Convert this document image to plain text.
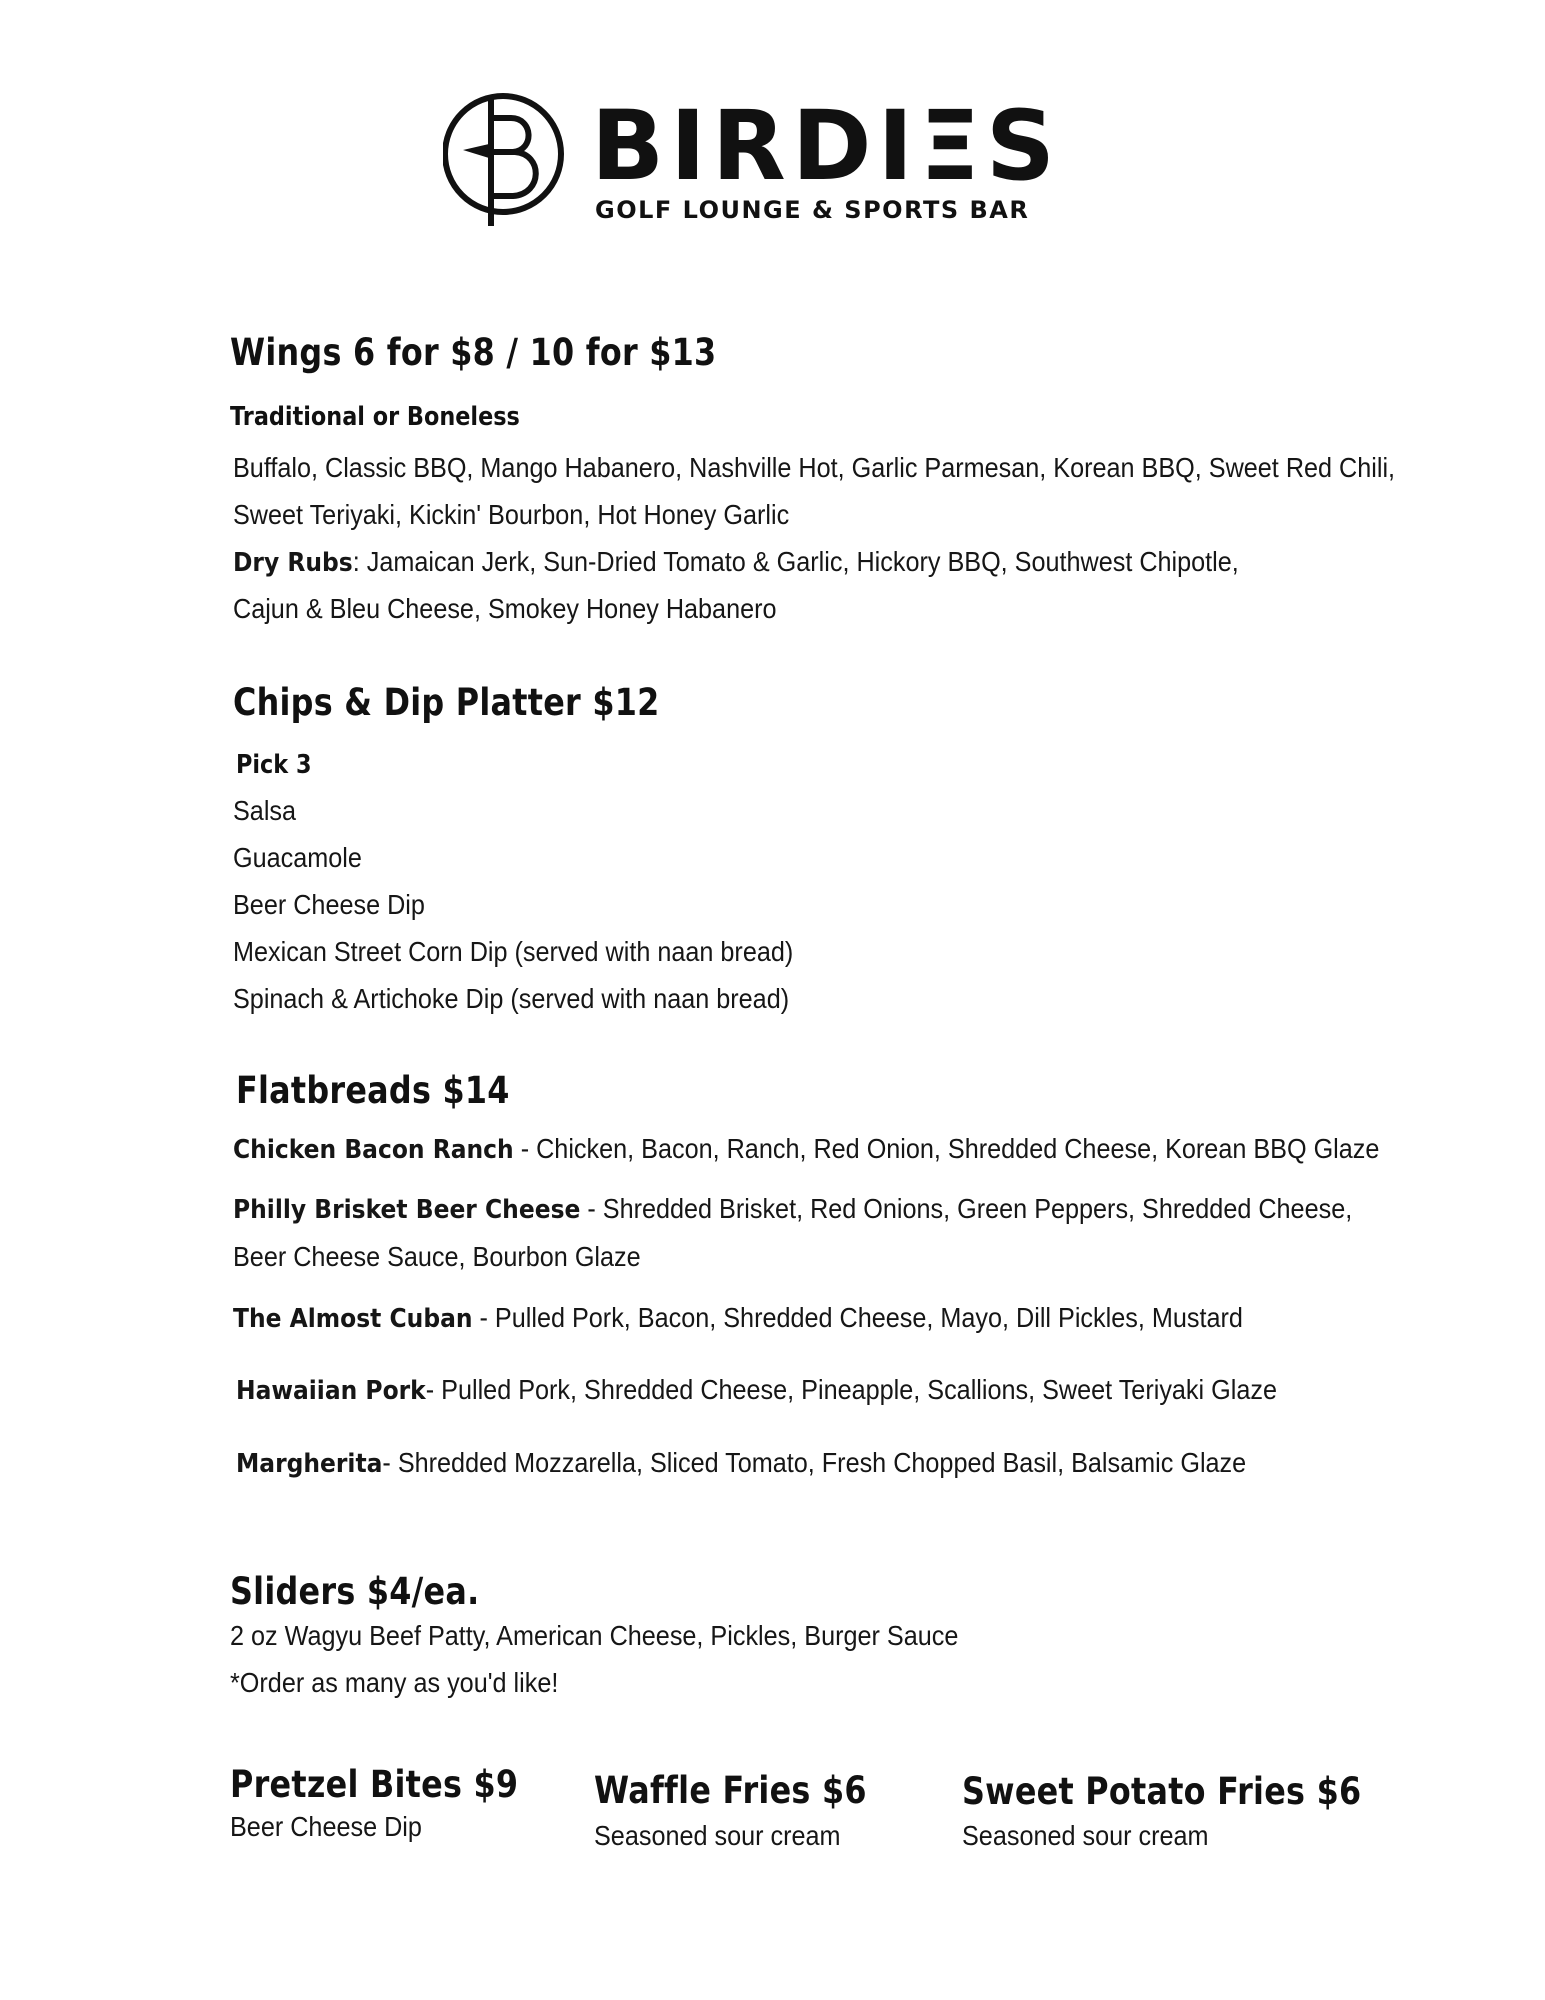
BIRDIΞS
GOLF LOUNGE & SPORTS BAR
Wings 6 for $8 / 10 for $13
Traditional or Boneless
Buffalo, Classic BBQ, Mango Habanero, Nashville Hot, Garlic Parmesan, Korean BBQ, Sweet Red Chili,
Sweet Teriyaki, Kickin' Bourbon, Hot Honey Garlic
Dry Rubs: Jamaican Jerk, Sun-Dried Tomato & Garlic, Hickory BBQ, Southwest Chipotle,
Cajun & Bleu Cheese, Smokey Honey Habanero
Chips & Dip Platter $12
Pick 3
Salsa
Guacamole
Beer Cheese Dip
Mexican Street Corn Dip (served with naan bread)
Spinach & Artichoke Dip (served with naan bread)
Flatbreads $14
Chicken Bacon Ranch - Chicken, Bacon, Ranch, Red Onion, Shredded Cheese, Korean BBQ Glaze
Philly Brisket Beer Cheese - Shredded Brisket, Red Onions, Green Peppers, Shredded Cheese,
Beer Cheese Sauce, Bourbon Glaze
The Almost Cuban - Pulled Pork, Bacon, Shredded Cheese, Mayo, Dill Pickles, Mustard
Hawaiian Pork- Pulled Pork, Shredded Cheese, Pineapple, Scallions, Sweet Teriyaki Glaze
Margherita- Shredded Mozzarella, Sliced Tomato, Fresh Chopped Basil, Balsamic Glaze
Sliders $4/ea.
2 oz Wagyu Beef Patty, American Cheese, Pickles, Burger Sauce
*Order as many as you'd like!
Pretzel Bites $9
Beer Cheese Dip
Waffle Fries $6
Seasoned sour cream
Sweet Potato Fries $6
Seasoned sour cream
